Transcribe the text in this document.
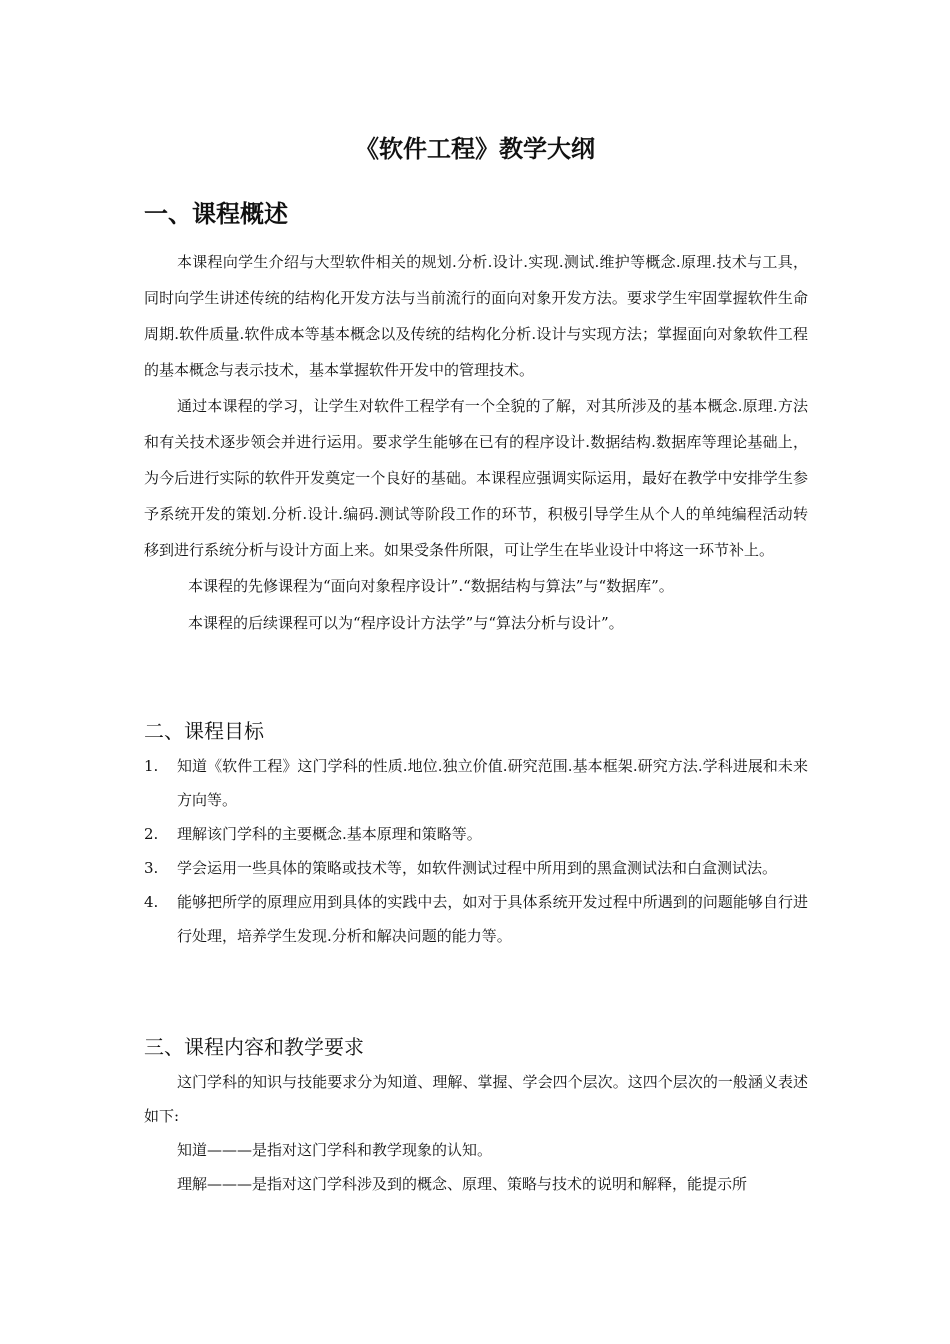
《软件工程》教学大纲
一、课程概述

本课程向学生介绍与大型软件相关的规划.分析.设计.实现.测试.维护等概念.原理.技术与工具，同时向学生讲述传统的结构化开发方法与当前流行的面向对象开发方法。要求学生牢固掌握软件生命周期.软件质量.软件成本等基本概念以及传统的结构化分析.设计与实现方法；掌握面向对象软件工程的基本概念与表示技术，基本掌握软件开发中的管理技术。

通过本课程的学习，让学生对软件工程学有一个全貌的了解，对其所涉及的基本概念.原理.方法和有关技术逐步领会并进行运用。要求学生能够在已有的程序设计.数据结构.数据库等理论基础上，为今后进行实际的软件开发奠定一个良好的基础。本课程应强调实际运用，最好在教学中安排学生参予系统开发的策划.分析.设计.编码.测试等阶段工作的环节，积极引导学生从个人的单纯编程活动转移到进行系统分析与设计方面上来。如果受条件所限，可让学生在毕业设计中将这一环节补上。

本课程的先修课程为“面向对象程序设计”.“数据结构与算法”与“数据库”。

本课程的后续课程可以为“程序设计方法学”与“算法分析与设计”。

二、课程目标
1. 知道《软件工程》这门学科的性质.地位.独立价值.研究范围.基本框架.研究方法.学科进展和未来方向等。
2. 理解该门学科的主要概念.基本原理和策略等。
3. 学会运用一些具体的策略或技术等，如软件测试过程中所用到的黑盒测试法和白盒测试法。
4. 能够把所学的原理应用到具体的实践中去，如对于具体系统开发过程中所遇到的问题能够自行进行处理，培养学生发现.分析和解决问题的能力等。
三、课程内容和教学要求

这门学科的知识与技能要求分为知道、理解、掌握、学会四个层次。这四个层次的一般涵义表述如下:

知道———是指对这门学科和教学现象的认知。

理解———是指对这门学科涉及到的概念、原理、策略与技术的说明和解释，能提示所
